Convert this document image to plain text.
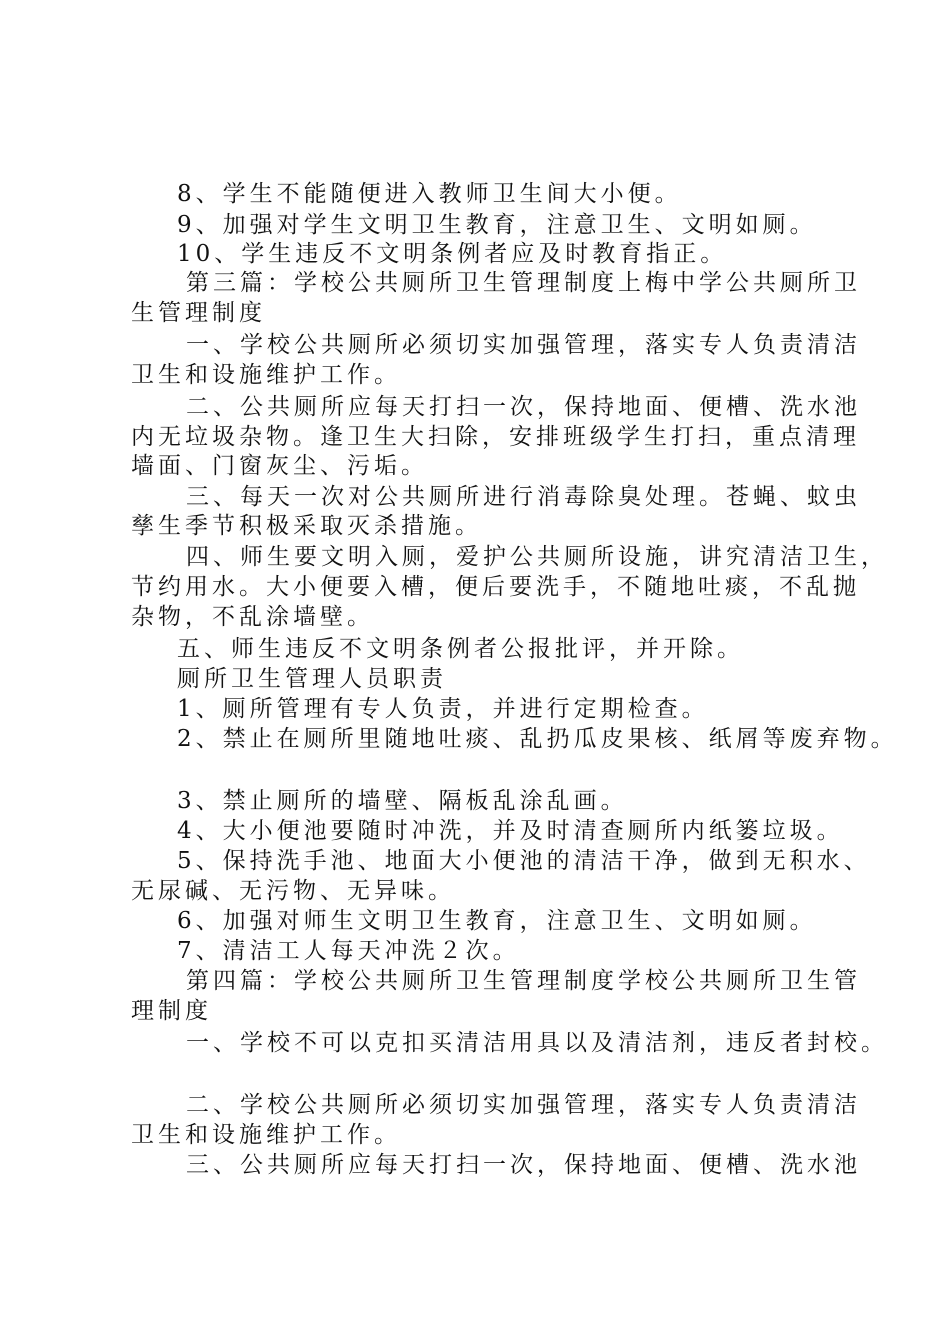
8、学生不能随便进入教师卫生间大小便。
9、加强对学生文明卫生教育，注意卫生、文明如厕。
10、学生违反不文明条例者应及时教育指正。
第三篇：学校公共厕所卫生管理制度上梅中学公共厕所卫
生管理制度
一、学校公共厕所必须切实加强管理，落实专人负责清洁
卫生和设施维护工作。
二、公共厕所应每天打扫一次，保持地面、便槽、洗水池
内无垃圾杂物。逢卫生大扫除，安排班级学生打扫，重点清理
墙面、门窗灰尘、污垢。
三、每天一次对公共厕所进行消毒除臭处理。苍蝇、蚊虫
孳生季节积极采取灭杀措施。
四、师生要文明入厕，爱护公共厕所设施，讲究清洁卫生，
节约用水。大小便要入槽，便后要洗手，不随地吐痰，不乱抛
杂物，不乱涂墙壁。
五、师生违反不文明条例者公报批评，并开除。
厕所卫生管理人员职责
1、厕所管理有专人负责，并进行定期检查。
2、禁止在厕所里随地吐痰、乱扔瓜皮果核、纸屑等废弃物。
3、禁止厕所的墙壁、隔板乱涂乱画。
4、大小便池要随时冲洗，并及时清查厕所内纸篓垃圾。
5、保持洗手池、地面大小便池的清洁干净，做到无积水、
无尿碱、无污物、无异味。
6、加强对师生文明卫生教育，注意卫生、文明如厕。
7、清洁工人每天冲洗２次。
第四篇：学校公共厕所卫生管理制度学校公共厕所卫生管
理制度
一、学校不可以克扣买清洁用具以及清洁剂，违反者封校。
二、学校公共厕所必须切实加强管理，落实专人负责清洁
卫生和设施维护工作。
三、公共厕所应每天打扫一次，保持地面、便槽、洗水池
